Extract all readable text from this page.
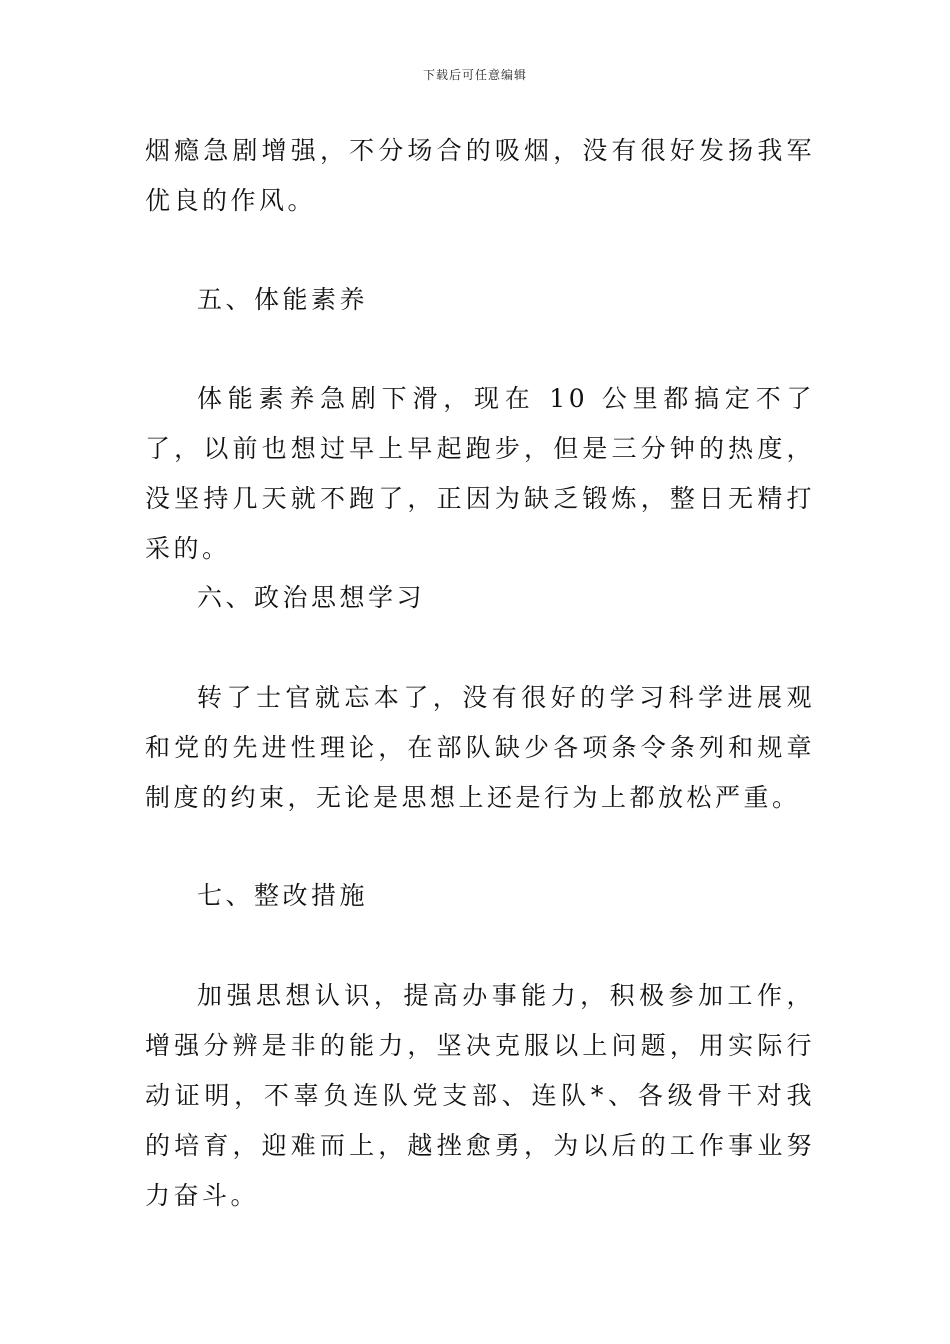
下载后可任意编辑

烟瘾急剧增强，不分场合的吸烟，没有很好发扬我军优良的作风。

五、体能素养

体能素养急剧下滑，现在 10 公里都搞定不了了，以前也想过早上早起跑步，但是三分钟的热度，没坚持几天就不跑了，正因为缺乏锻炼，整日无精打采的。

六、政治思想学习

转了士官就忘本了，没有很好的学习科学进展观和党的先进性理论，在部队缺少各项条令条列和规章制度的约束，无论是思想上还是行为上都放松严重。

七、整改措施

加强思想认识，提高办事能力，积极参加工作，增强分辨是非的能力，坚决克服以上问题，用实际行动证明，不辜负连队党支部、连队*、各级骨干对我的培育，迎难而上，越挫愈勇，为以后的工作事业努力奋斗。
